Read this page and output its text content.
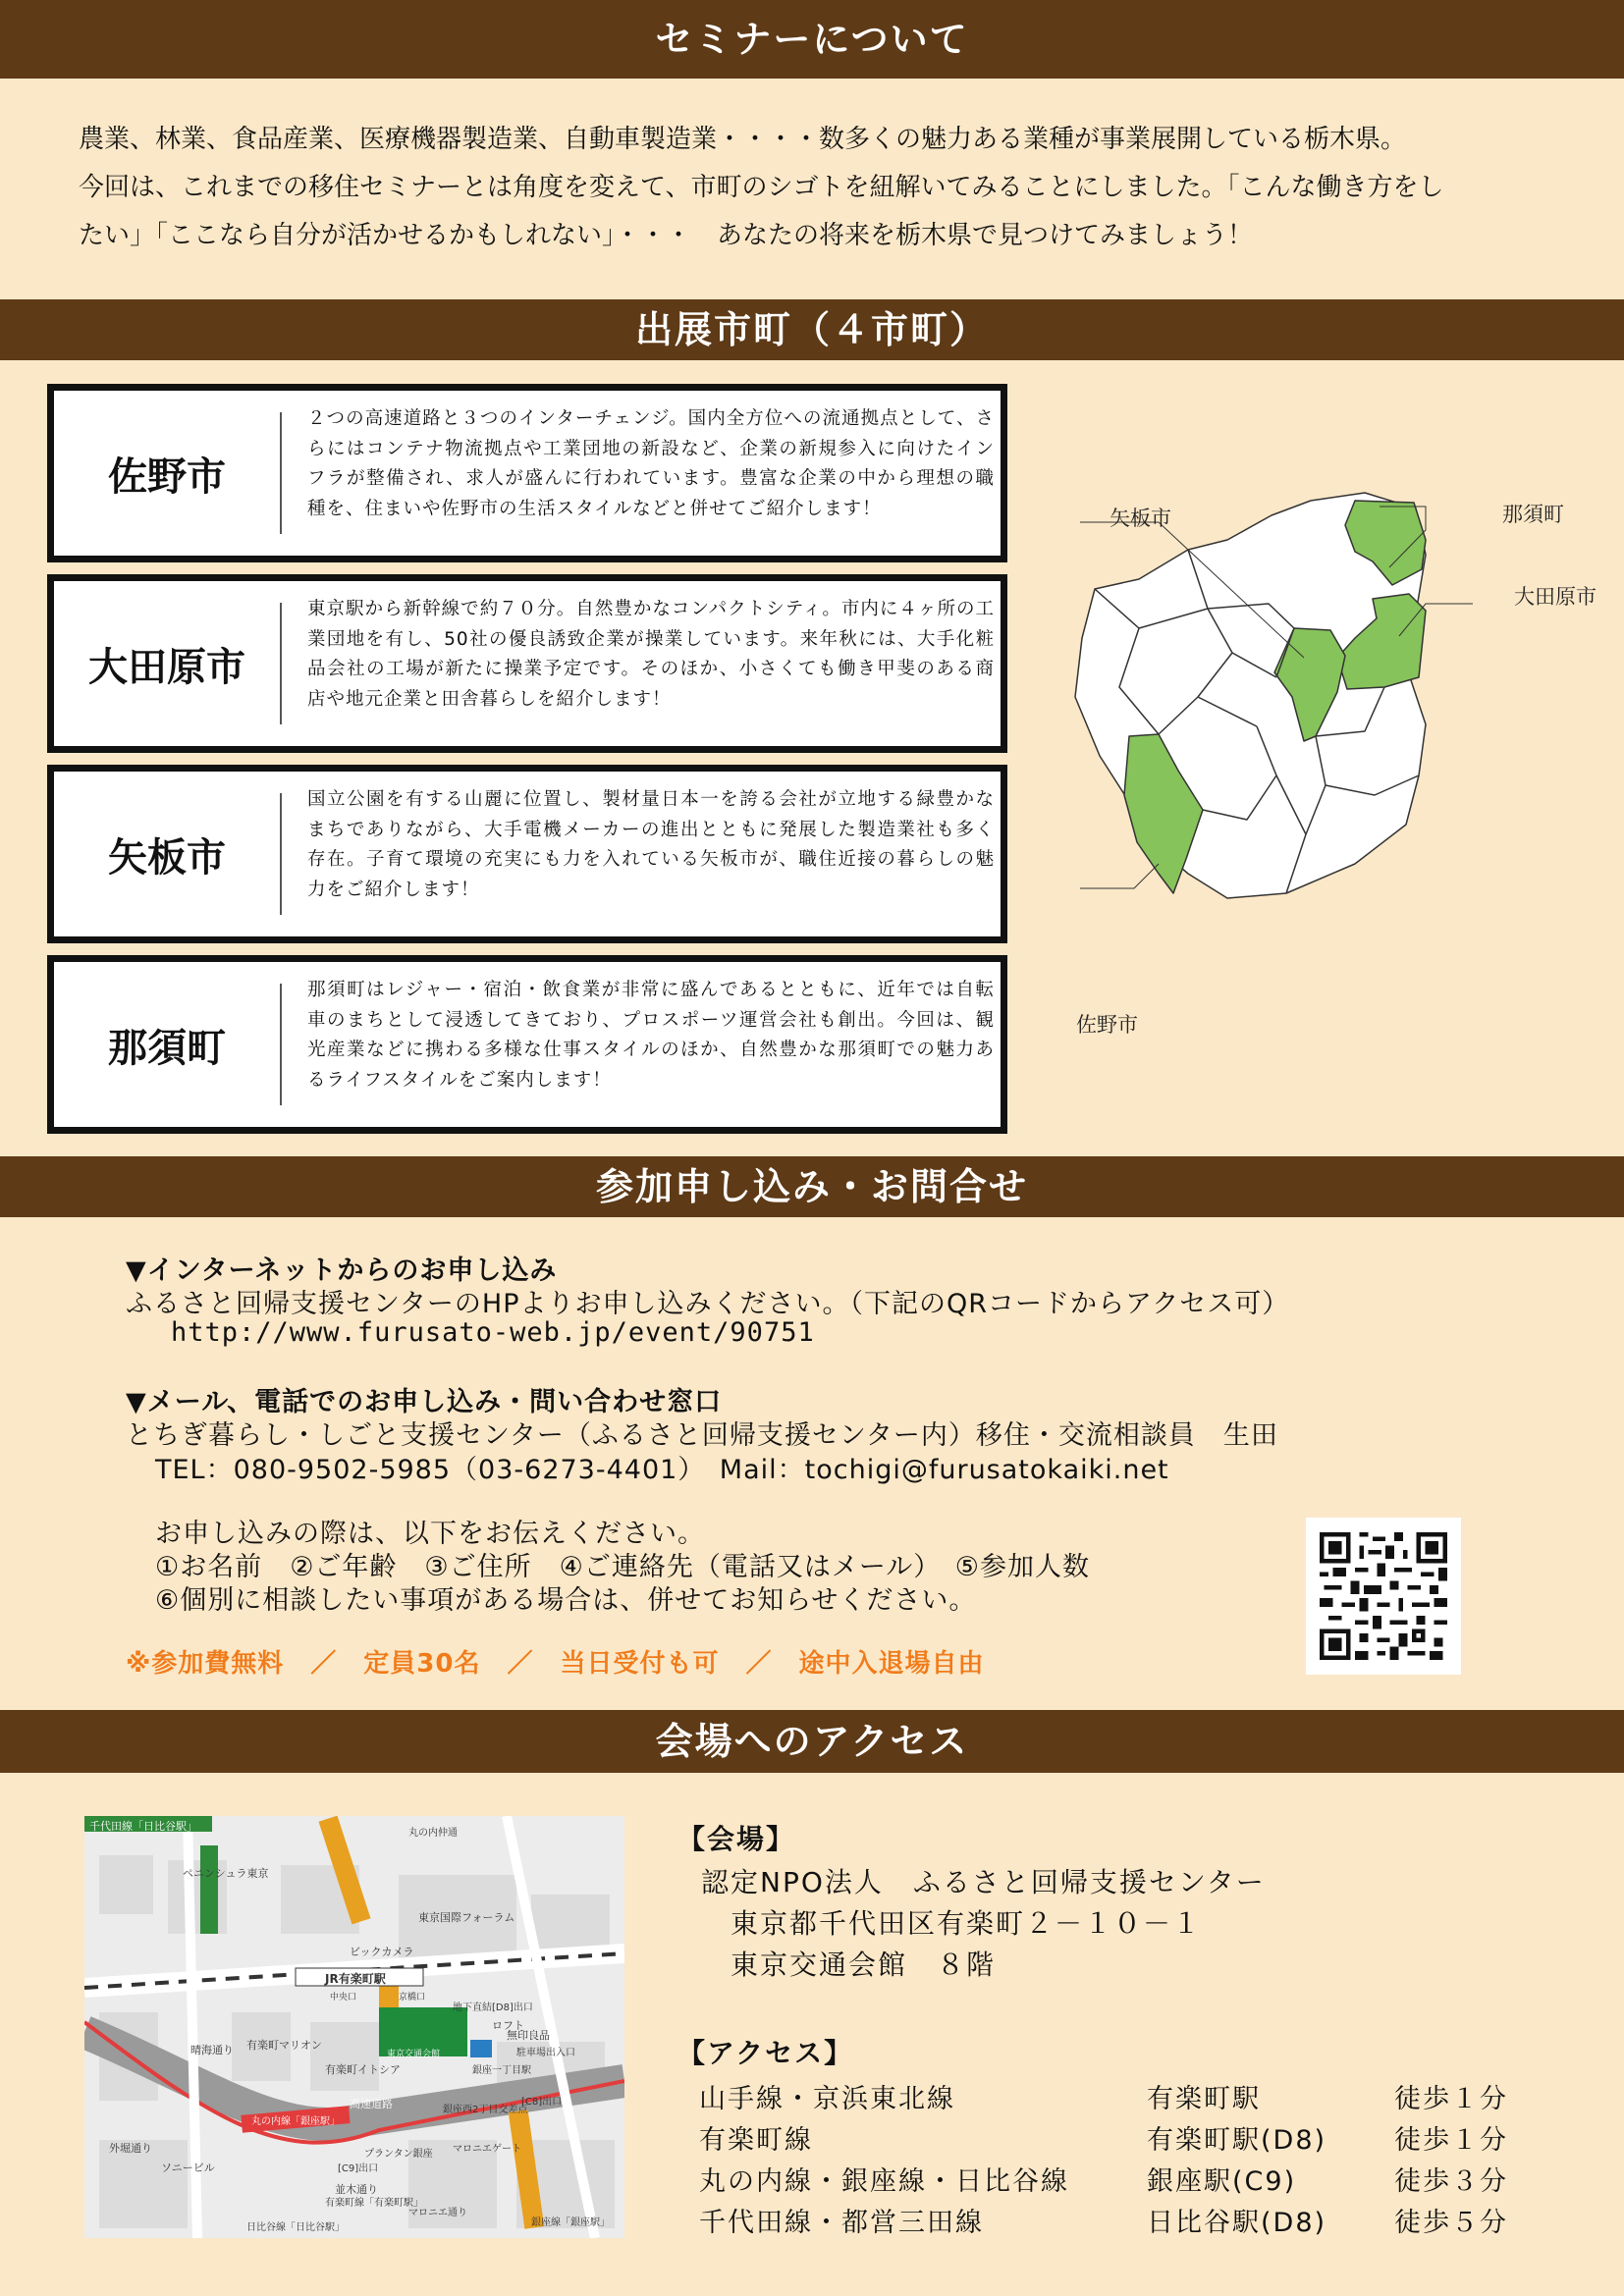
セミナーについて

農業、林業、食品産業、医療機器製造業、自動車製造業・・・・数多くの魅力ある業種が事業展開している栃木県。

今回は、これまでの移住セミナーとは角度を変えて、市町のシゴトを紐解いてみることにしました。「こんな働き方をし

たい」「ここなら自分が活かせるかもしれない」・・・　あなたの将来を栃木県で見つけてみましょう！

出展市町（４市町）
佐野市
２つの高速道路と３つのインターチェンジ。国内全方位への流通拠点として、さらにはコンテナ物流拠点や工業団地の新設など、企業の新規参入に向けたインフラが整備され、求人が盛んに行われています。豊富な企業の中から理想の職種を、住まいや佐野市の生活スタイルなどと併せてご紹介します！
大田原市
東京駅から新幹線で約７０分。自然豊かなコンパクトシティ。市内に４ヶ所の工業団地を有し、50社の優良誘致企業が操業しています。来年秋には、大手化粧品会社の工場が新たに操業予定です。そのほか、小さくても働き甲斐のある商店や地元企業と田舎暮らしを紹介します！
矢板市
国立公園を有する山麗に位置し、製材量日本一を誇る会社が立地する緑豊かなまちでありながら、大手電機メーカーの進出とともに発展した製造業社も多く存在。子育て環境の充実にも力を入れている矢板市が、職住近接の暮らしの魅力をご紹介します！
那須町
那須町はレジャー・宿泊・飲食業が非常に盛んであるとともに、近年では自転車のまちとして浸透してきており、プロスポーツ運営会社も創出。今回は、観光産業などに携わる多様な仕事スタイルのほか、自然豊かな那須町での魅力あるライフスタイルをご案内します！
矢板市	那須町
大田原市
佐野市
参加申し込み・お問合せ
▼インターネットからのお申し込み
ふるさと回帰支援センターのHPよりお申し込みください。（下記のQRコードからアクセス可）
http://www.furusato-web.jp/event/90751
▼メール、電話でのお申し込み・問い合わせ窓口
とちぎ暮らし・しごと支援センター（ふるさと回帰支援センター内）移住・交流相談員　生田
TEL：080-9502-5985（03-6273-4401）　Mail：tochigi@furusatokaiki.net
お申し込みの際は、以下をお伝えください。
①お名前　②ご年齢　③ご住所　④ご連絡先（電話又はメール）　⑤参加人数
⑥個別に相談したい事項がある場合は、併せてお知らせください。
※参加費無料　／　定員30名　／　当日受付も可　／　途中入退場自由
会場へのアクセス
千代田線「日比谷駅」
ペニンシュラ東京
東京国際フォーラム
ビックカメラ
JR有楽町駅
中央口	京橋口
地下直結[D8]出口
ロフト
無印良品
駐車場出入口
晴海通り 有楽町マリオン
有楽町イトシア
東京交通会館
銀座西2丁目交差点
[C8]出口
丸の内線「銀座駅」
高速道路
外堀通り
ソニービル	[C9]出口
プランタン銀座 マロニエゲート
並木通り
マロニエ通り
銀座線「銀座駅」
日比谷線「日比谷駅」
有楽町線「有楽町駅」
銀座一丁目駅
丸の内仲通	【会場】
認定NPO法人　ふるさと回帰支援センター
東京都千代田区有楽町２－１０－１
東京交通会館　８階
【アクセス】
山手線・京浜東北線	有楽町駅	徒歩１分
有楽町線	有楽町駅(D8)	徒歩１分
丸の内線・銀座線・日比谷線	銀座駅(C9)	徒歩３分
千代田線・都営三田線	日比谷駅(D8)	徒歩５分
